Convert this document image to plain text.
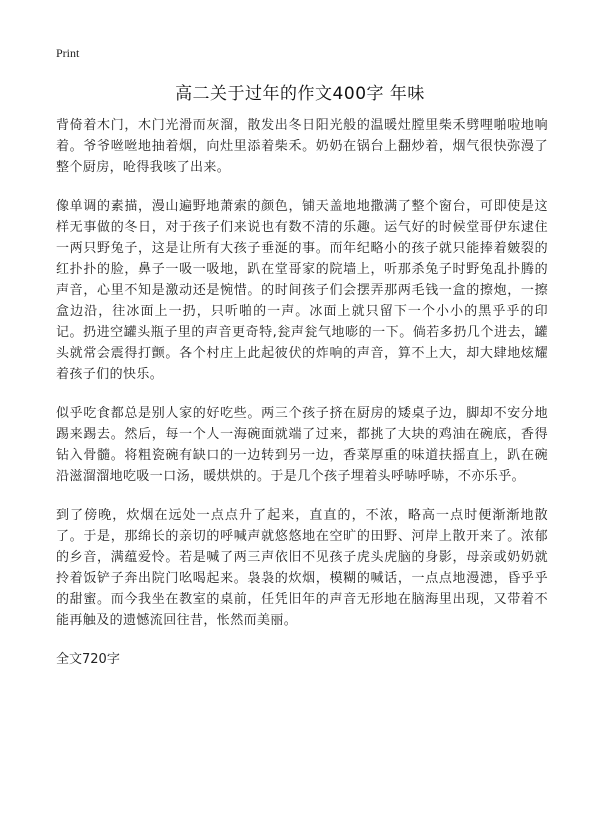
Print
高二关于过年的作文400字 年味

背倚着木门，木门光滑而灰溜，散发出冬日阳光般的温暖灶膛里柴禾劈哩啪啦地响着。爷爷咝咝地抽着烟，向灶里添着柴禾。奶奶在锅台上翻炒着，烟气很快弥漫了整个厨房，呛得我咳了出来。

像单调的素描，漫山遍野地萧索的颜色，铺天盖地地撒满了整个窗台，可即使是这样无事做的冬日，对于孩子们来说也有数不清的乐趣。运气好的时候堂哥伊东逮住一两只野兔子，这是让所有大孩子垂涎的事。而年纪略小的孩子就只能捧着皴裂的红扑扑的脸，鼻子一吸一吸地，趴在堂哥家的院墙上，听那杀兔子时野兔乱扑腾的声音，心里不知是激动还是惋惜。的时间孩子们会摆弄那两毛钱一盒的擦炮，一擦盒边沿，往冰面上一扔，只听啪的一声。冰面上就只留下一个小小的黑乎乎的印记。扔进空罐头瓶子里的声音更奇特,瓮声瓮气地嘭的一下。倘若多扔几个进去，罐头就常会震得打颤。各个村庄上此起彼伏的炸响的声音，算不上大，却大肆地炫耀着孩子们的快乐。

似乎吃食都总是别人家的好吃些。两三个孩子挤在厨房的矮桌子边，脚却不安分地踢来踢去。然后，每一个人一海碗面就端了过来，都挑了大块的鸡油在碗底，香得钻入骨髓。将粗瓷碗有缺口的一边转到另一边，香菜厚重的味道扶摇直上，趴在碗沿滋溜溜地吃吸一口汤，暖烘烘的。于是几个孩子埋着头呼哧呼哧，不亦乐乎。

到了傍晚，炊烟在远处一点点升了起来，直直的，不浓，略高一点时便渐渐地散了。于是，那绵长的亲切的呼喊声就悠悠地在空旷的田野、河岸上散开来了。浓郁的乡音，满蕴爱怜。若是喊了两三声依旧不见孩子虎头虎脑的身影，母亲或奶奶就拎着饭铲子奔出院门吆喝起来。袅袅的炊烟，模糊的喊话，一点点地漫漶，昏乎乎的甜蜜。而今我坐在教室的桌前，任凭旧年的声音无形地在脑海里出现，又带着不能再触及的遗憾流回往昔，怅然而美丽。

全文720字
